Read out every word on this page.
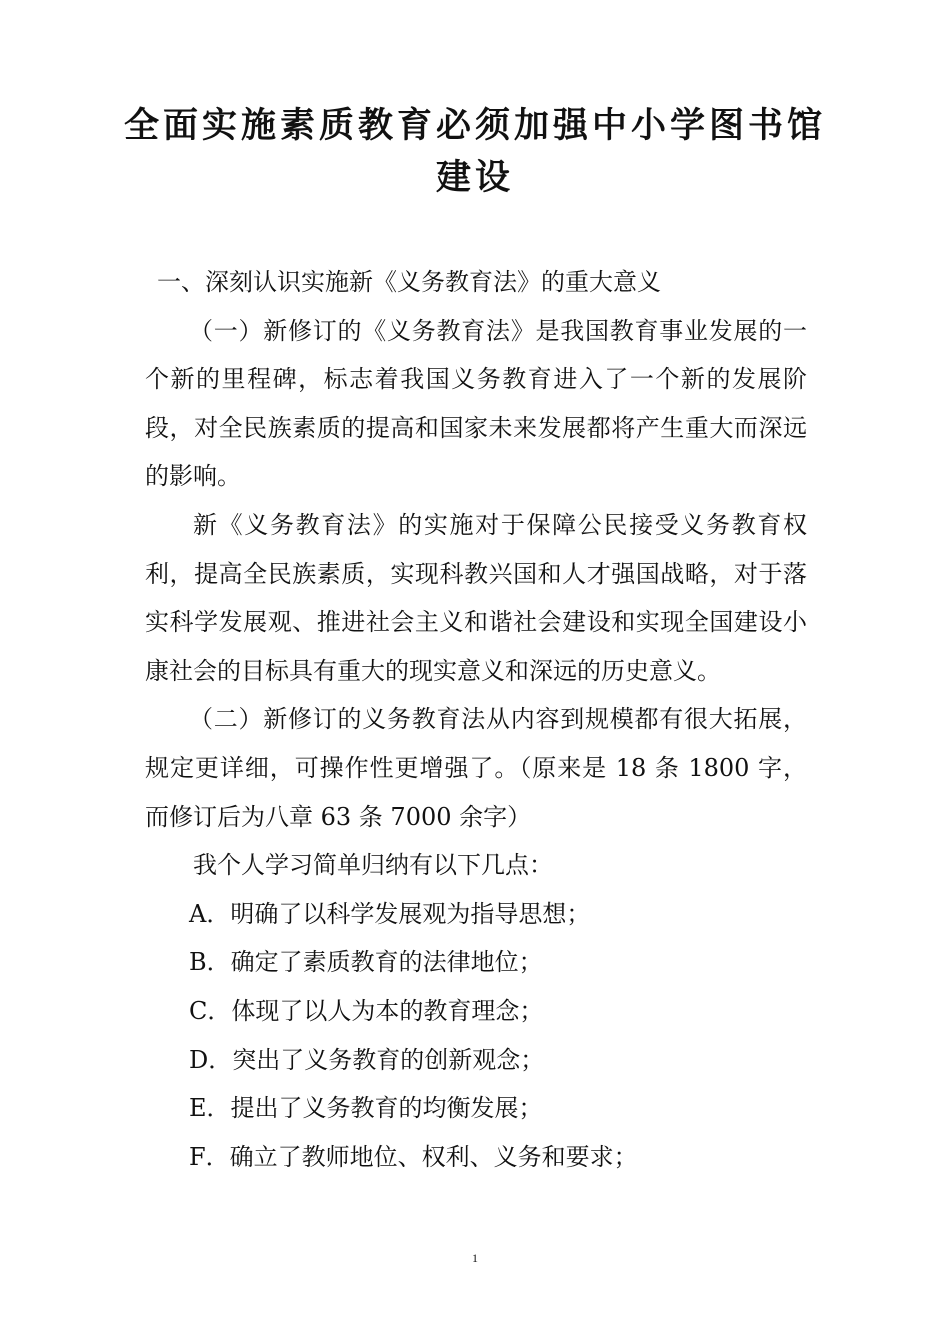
全面实施素质教育必须加强中小学图书馆
建设

一、深刻认识实施新《义务教育法》的重大意义

（一）新修订的《义务教育法》是我国教育事业发展的一个新的里程碑，标志着我国义务教育进入了一个新的发展阶段，对全民族素质的提高和国家未来发展都将产生重大而深远的影响。

新《义务教育法》的实施对于保障公民接受义务教育权利，提高全民族素质，实现科教兴国和人才强国战略，对于落实科学发展观、推进社会主义和谐社会建设和实现全国建设小康社会的目标具有重大的现实意义和深远的历史意义。

（二）新修订的义务教育法从内容到规模都有很大拓展，规定更详细，可操作性更增强了。（原来是 18 条 1800 字，而修订后为八章 63 条 7000 余字）

我个人学习简单归纳有以下几点：

A．明确了以科学发展观为指导思想；

B．确定了素质教育的法律地位；

C．体现了以人为本的教育理念；

D．突出了义务教育的创新观念；

E．提出了义务教育的均衡发展；

F．确立了教师地位、权利、义务和要求；

1
